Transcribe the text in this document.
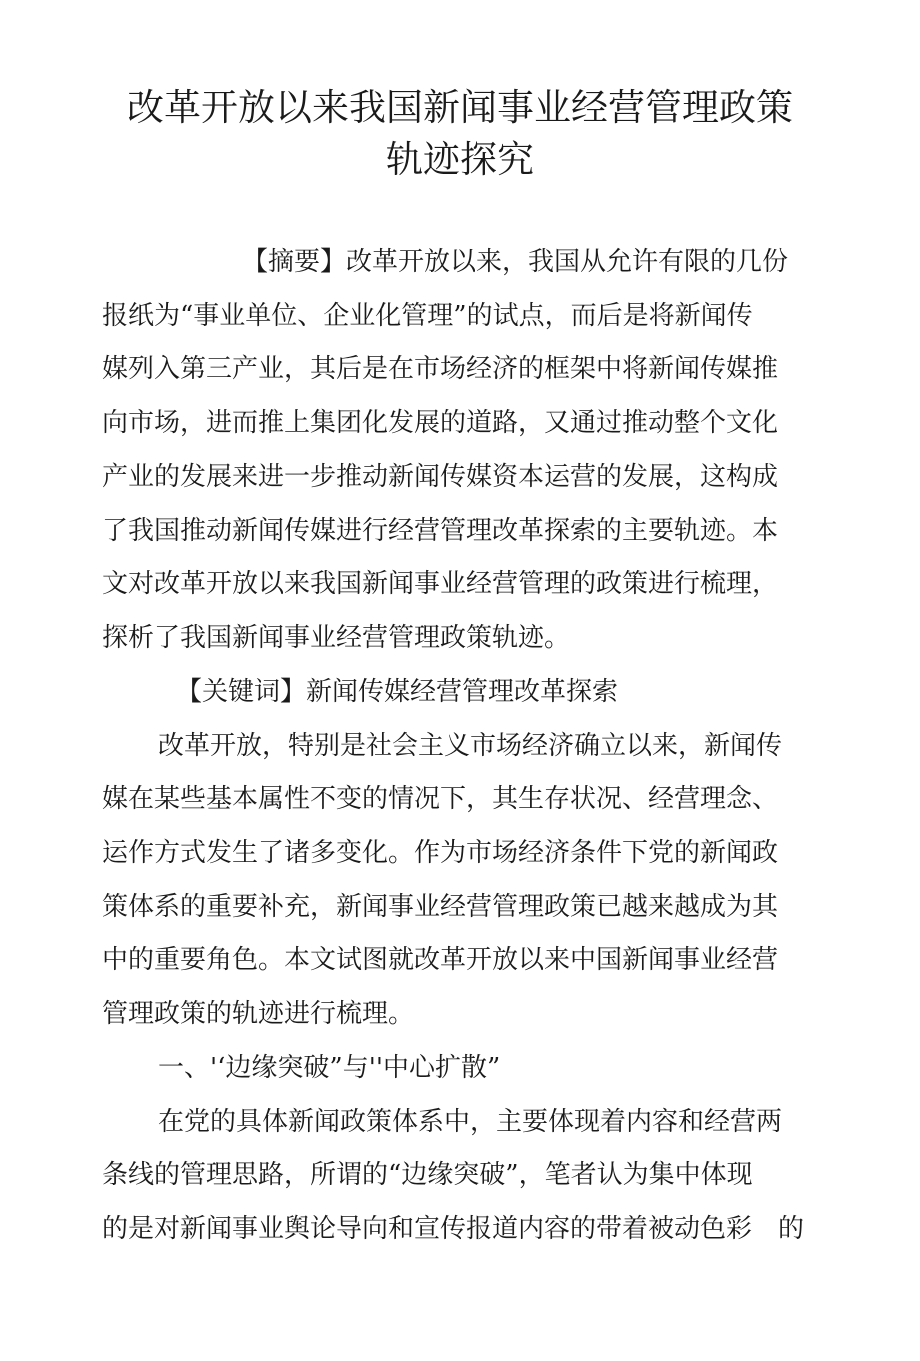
改革开放以来我国新闻事业经营管理政策
轨迹探究

【摘要】改革开放以来，我国从允许有限的几份

报纸为“事业单位、企业化管理”的试点，而后是将新闻传

媒列入第三产业，其后是在市场经济的框架中将新闻传媒推

向市场，进而推上集团化发展的道路，又通过推动整个文化

产业的发展来进一步推动新闻传媒资本运营的发展，这构成

了我国推动新闻传媒进行经营管理改革探索的主要轨迹。本

文对改革开放以来我国新闻事业经营管理的政策进行梳理，

探析了我国新闻事业经营管理政策轨迹。

【关键词】新闻传媒经营管理改革探索

改革开放，特别是社会主义市场经济确立以来，新闻传

媒在某些基本属性不变的情况下，其生存状况、经营理念、

运作方式发生了诸多变化。作为市场经济条件下党的新闻政

策体系的重要补充，新闻事业经营管理政策已越来越成为其

中的重要角色。本文试图就改革开放以来中国新闻事业经营

管理政策的轨迹进行梳理。

一、'‘边缘突破”与''中心扩散”

在党的具体新闻政策体系中，主要体现着内容和经营两

条线的管理思路，所谓的“边缘突破”，笔者认为集中体现

的是对新闻事业舆论导向和宣传报道内容的带着被动色彩　的
